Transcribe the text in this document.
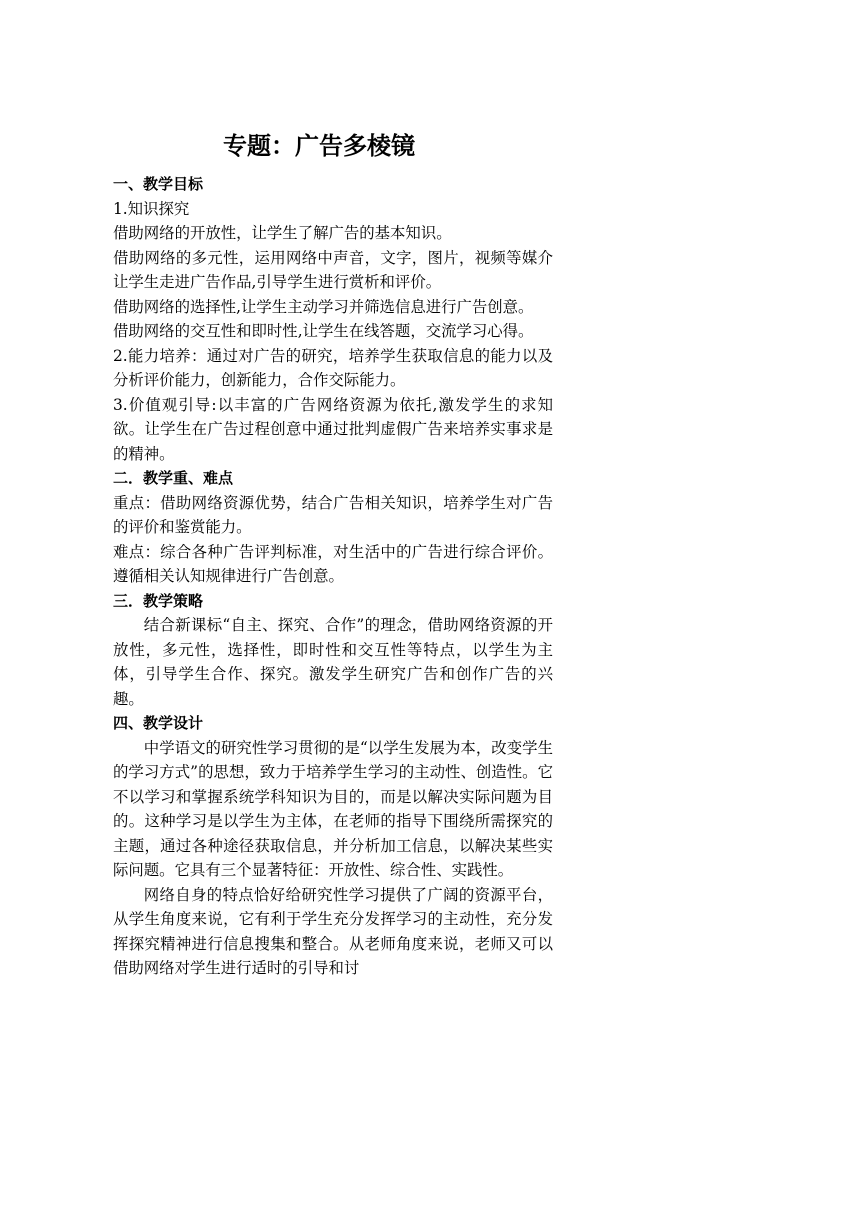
专题：广告多棱镜
一、教学目标
1.知识探究
借助网络的开放性，让学生了解广告的基本知识。
借助网络的多元性，运用网络中声音，文字，图片，视频等媒介让学生走进广告作品,引导学生进行赏析和评价。
借助网络的选择性,让学生主动学习并筛选信息进行广告创意。
借助网络的交互性和即时性,让学生在线答题，交流学习心得。
2.能力培养：通过对广告的研究，培养学生获取信息的能力以及分析评价能力，创新能力，合作交际能力。
3.价值观引导:以丰富的广告网络资源为依托,激发学生的求知欲。让学生在广告过程创意中通过批判虚假广告来培养实事求是的精神。
二．教学重、难点
重点：借助网络资源优势，结合广告相关知识，培养学生对广告的评价和鉴赏能力。
难点：综合各种广告评判标准，对生活中的广告进行综合评价。遵循相关认知规律进行广告创意。
三．教学策略
结合新课标“自主、探究、合作”的理念，借助网络资源的开放性，多元性，选择性，即时性和交互性等特点，以学生为主体，引导学生合作、探究。激发学生研究广告和创作广告的兴趣。
四、教学设计
中学语文的研究性学习贯彻的是“以学生发展为本，改变学生的学习方式”的思想，致力于培养学生学习的主动性、创造性。它不以学习和掌握系统学科知识为目的，而是以解决实际问题为目的。这种学习是以学生为主体，在老师的指导下围绕所需探究的主题，通过各种途径获取信息，并分析加工信息，以解决某些实际问题。它具有三个显著特征：开放性、综合性、实践性。
网络自身的特点恰好给研究性学习提供了广阔的资源平台，从学生角度来说，它有利于学生充分发挥学习的主动性，充分发挥探究精神进行信息搜集和整合。从老师角度来说，老师又可以借助网络对学生进行适时的引导和讨
